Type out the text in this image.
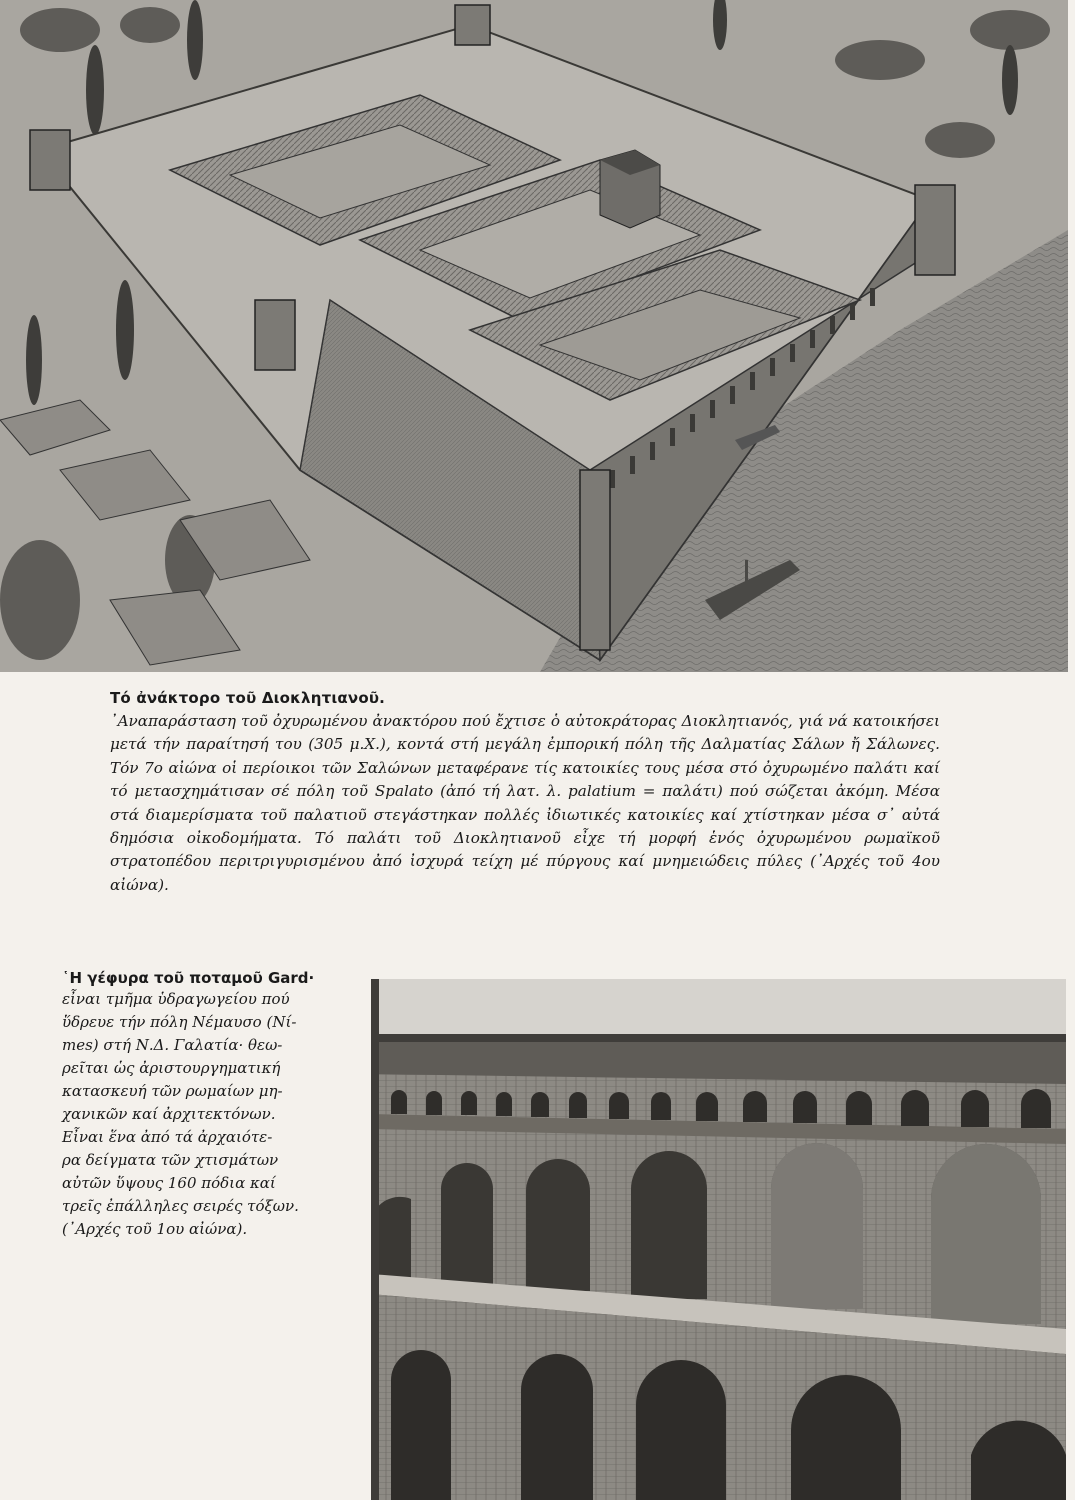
Τό ἀνάκτορο τοῦ Διοκλητιανοῦ.

᾿Αναπαράσταση τοῦ ὀχυρωμένου ἀνακτόρου πού ἔχτισε ὁ αὐτοκράτορας Διοκλητιανός, γιά νά κατοικήσει μετά τήν παραίτησή του (305 μ.Χ.), κοντά στή μεγάλη ἐμπορική πόλη τῆς Δαλματίας Σάλων ἤ Σάλωνες. Τόν 7ο αἰώνα οἱ περίοικοι τῶν Σαλώνων μεταφέρανε τίς κατοικίες τους μέσα στό ὀχυρωμένο παλάτι καί τό μετασχημάτισαν σέ πόλη τοῦ Spalato (ἀπό τή λατ. λ. palatium = παλάτι) πού σώζεται ἀκόμη. Μέσα στά διαμερίσματα τοῦ παλατιοῦ στεγάστηκαν πολλές ἰδιωτικές κατοικίες καί χτίστηκαν μέσα σ᾿ αὐτά δημόσια οἰκοδομήματα. Τό παλάτι τοῦ Διοκλητιανοῦ εἶχε τή μορφή ἑνός ὀχυρωμένου ρωμαϊκοῦ στρατοπέδου περιτριγυρισμένου ἀπό ἰσχυρά τείχη μέ πύργους καί μνημειώδεις πύλες (᾿Αρχές τοῦ 4ου αἰώνα).

῾Η γέφυρα τοῦ ποταμοῦ Gard·

εἶναι τμῆμα ὑδραγωγείου πού
ὕδρευε τήν πόλη Νέμαυσο (Νί-
mes) στή Ν.Δ. Γαλατία· θεω-
ρεῖται ὡς ἀριστουργηματική
κατασκευή τῶν ρωμαίων μη-
χανικῶν καί ἀρχιτεκτόνων.
Εἶναι ἕνα ἀπό τά ἀρχαιότε-
ρα δείγματα τῶν χτισμάτων
αὐτῶν ὕψους 160 πόδια καί
τρεῖς ἐπάλληλες σειρές τόξων.
(᾿Αρχές τοῦ 1ου αἰώνα).
